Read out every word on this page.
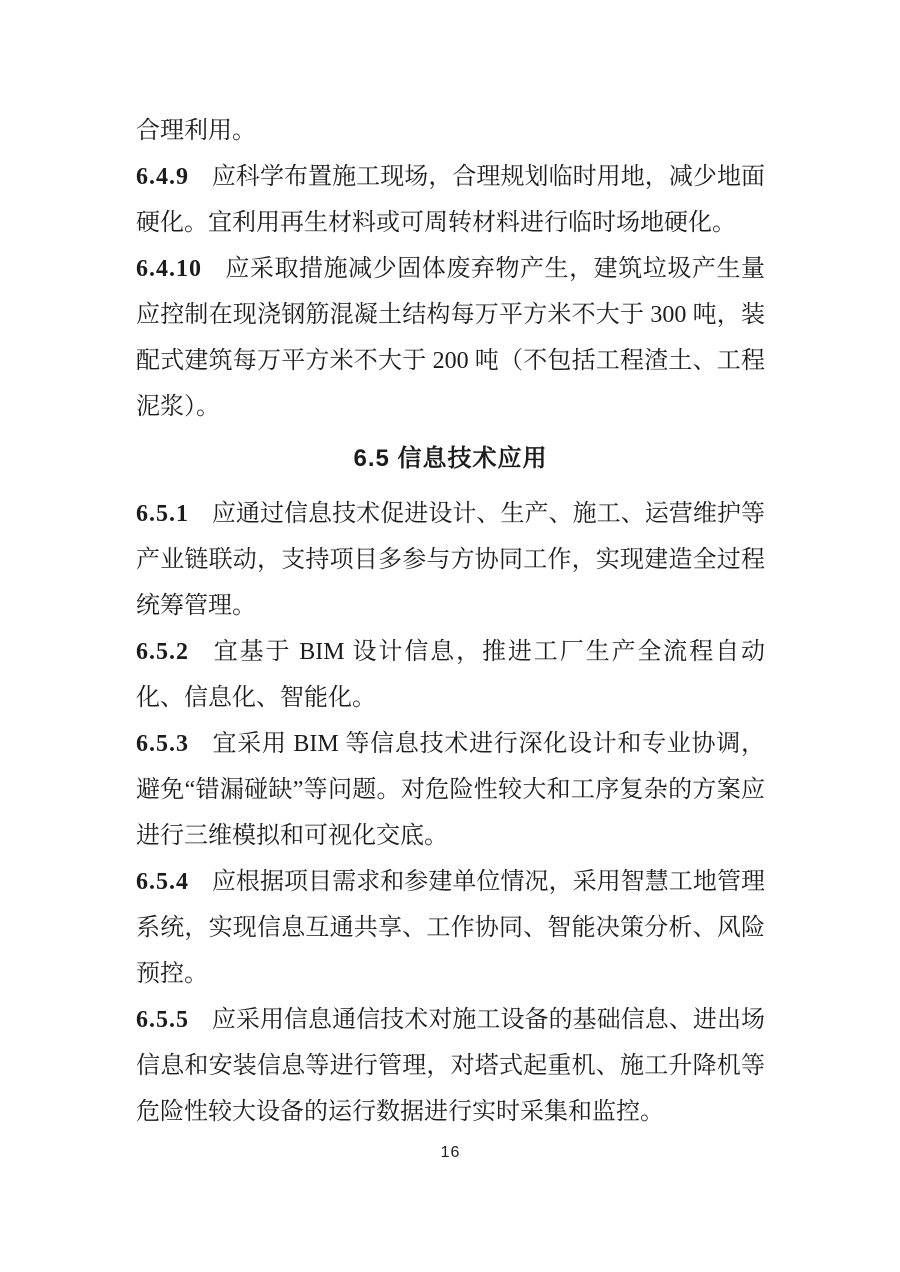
合理利用。

6.4.9 应科学布置施工现场，合理规划临时用地，减少地面硬化。宜利用再生材料或可周转材料进行临时场地硬化。

6.4.10 应采取措施减少固体废弃物产生，建筑垃圾产生量应控制在现浇钢筋混凝土结构每万平方米不大于 300 吨，装配式建筑每万平方米不大于 200 吨（不包括工程渣土、工程泥浆）。

6.5 信息技术应用

6.5.1 应通过信息技术促进设计、生产、施工、运营维护等产业链联动，支持项目多参与方协同工作，实现建造全过程统筹管理。

6.5.2 宜基于 BIM 设计信息，推进工厂生产全流程自动化、信息化、智能化。

6.5.3 宜采用 BIM 等信息技术进行深化设计和专业协调，避免“错漏碰缺”等问题。对危险性较大和工序复杂的方案应进行三维模拟和可视化交底。

6.5.4 应根据项目需求和参建单位情况，采用智慧工地管理系统，实现信息互通共享、工作协同、智能决策分析、风险预控。

6.5.5 应采用信息通信技术对施工设备的基础信息、进出场信息和安装信息等进行管理，对塔式起重机、施工升降机等危险性较大设备的运行数据进行实时采集和监控。

16
